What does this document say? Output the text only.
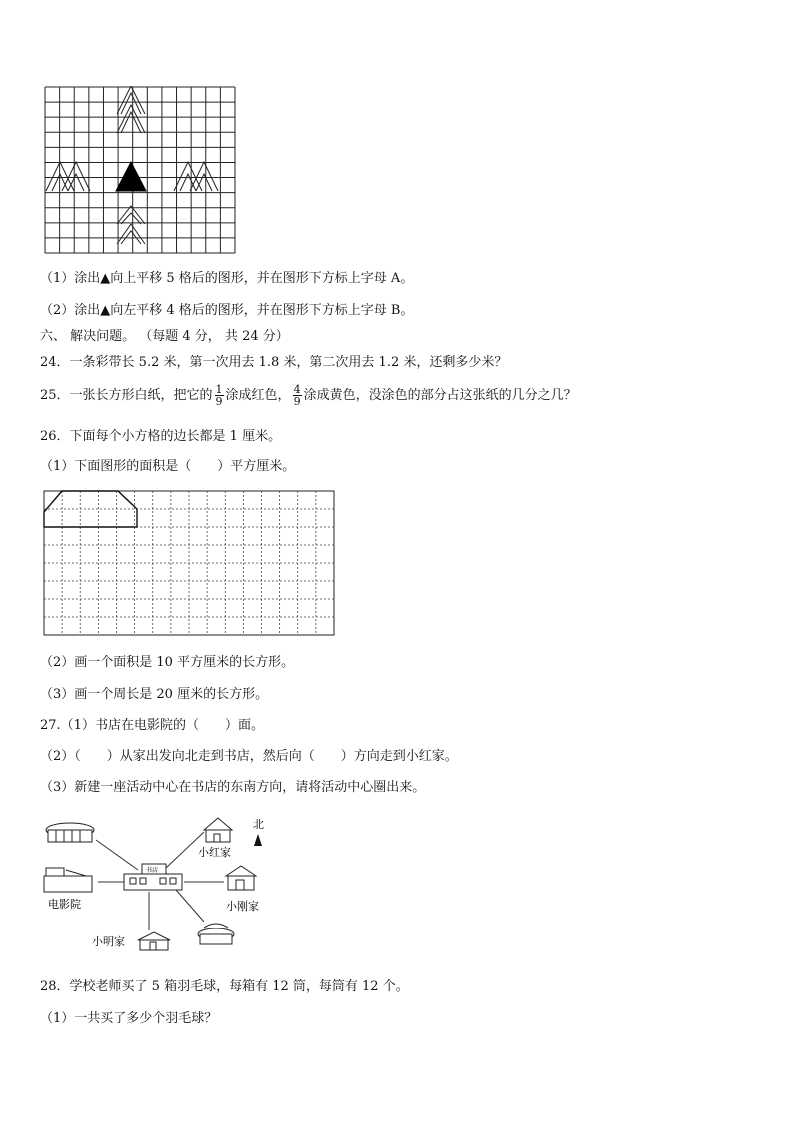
（1）涂出▲向上平移 5 格后的图形，并在图形下方标上字母 A。
（2）涂出▲向左平移 4 格后的图形，并在图形下方标上字母 B。
六、 解决问题。 （每题 4 分， 共 24 分）
24．一条彩带长 5.2 米，第一次用去 1.8 米，第二次用去 1.2 米，还剩多少米？
25．一张长方形白纸，把它的 $\frac{1}{9}$ 涂成红色， $\frac{4}{9}$ 涂成黄色，没涂色的部分占这张纸的几分之几？
26．下面每个小方格的边长都是 1 厘米。
（1）下面图形的面积是（　　）平方厘米。
（2）画一个面积是 10 平方厘米的长方形。
（3）画一个周长是 20 厘米的长方形。
27.（1）书店在电影院的（　　）面。
（2）（　　）从家出发向北走到书店，然后向（　　）方向走到小红家。
（3）新建一座活动中心在书店的东南方向，请将活动中心圈出来。
书店
小红家
北
电影院	小刚家
小明家
28．学校老师买了 5 箱羽毛球，每箱有 12 筒，每筒有 12 个。
（1）一共买了多少个羽毛球？
